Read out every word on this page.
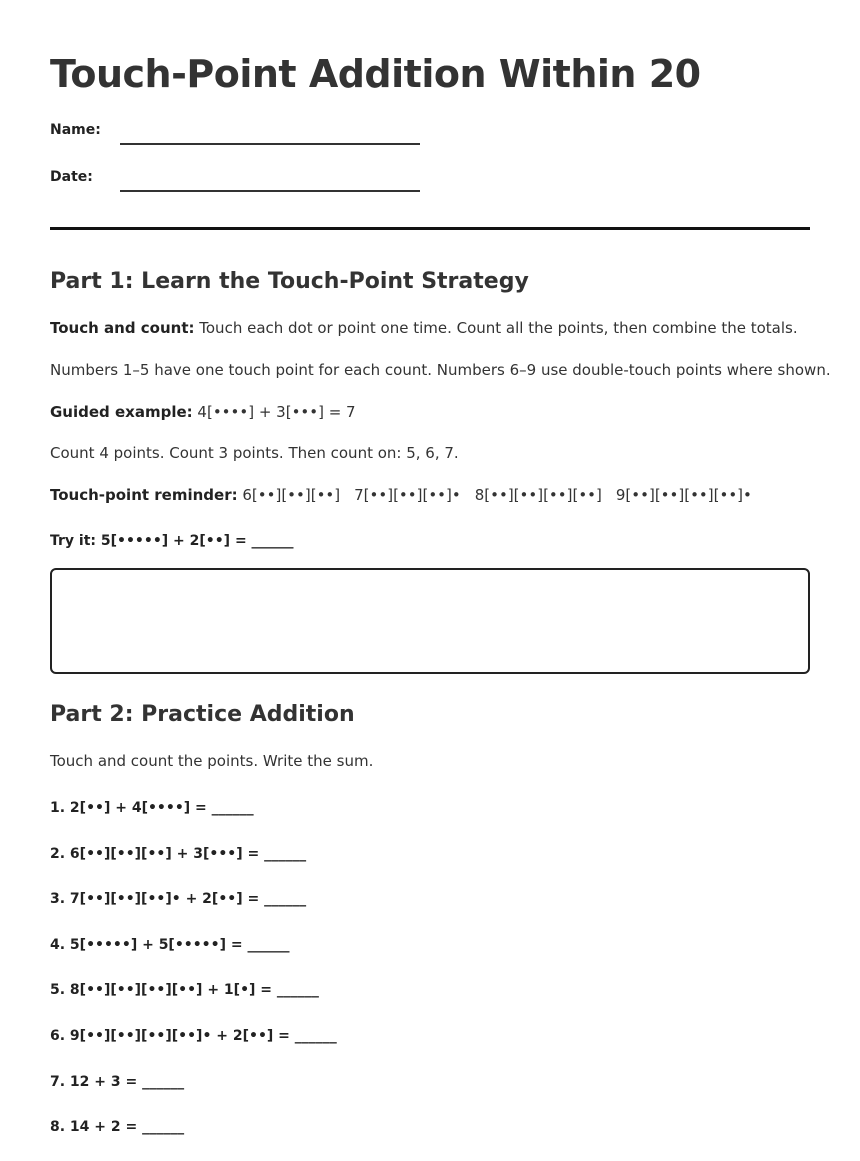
Touch-Point Addition Within 20
Name:
Date:
Part 1: Learn the Touch-Point Strategy
Touch and count: Touch each dot or point one time. Count all the points, then combine the totals.
Numbers 1–5 have one touch point for each count. Numbers 6–9 use double-touch points where shown.
Guided example: 4[••••] + 3[•••] = 7
Count 4 points. Count 3 points. Then count on: 5, 6, 7.
Touch-point reminder: 6[••][••][••] 7[••][••][••]• 8[••][••][••][••] 9[••][••][••][••]•
Try it: 5[•••••] + 2[••] = ______
Part 2: Practice Addition
Touch and count the points. Write the sum.
1. 2[••] + 4[••••] = ______
2. 6[••][••][••] + 3[•••] = ______
3. 7[••][••][••]• + 2[••] = ______
4. 5[•••••] + 5[•••••] = ______
5. 8[••][••][••][••] + 1[•] = ______
6. 9[••][••][••][••]• + 2[••] = ______
7. 12 + 3 = ______
8. 14 + 2 = ______
